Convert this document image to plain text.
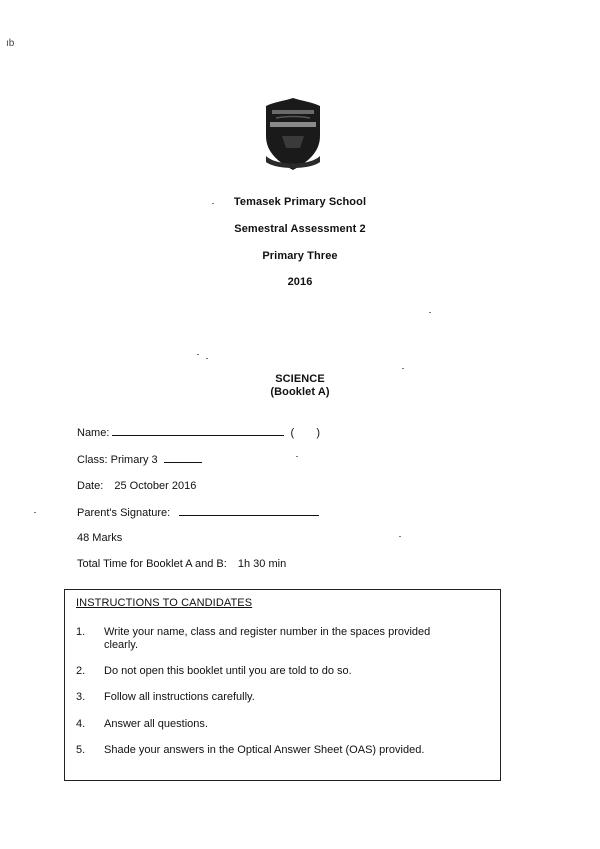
ıb
Temasek Primary School
Semestral Assessment 2
Primary Three
2016
SCIENCE
(Booklet A)
Name:	( )
Class: Primary 3
Date: 25 October 2016
Parent's Signature:
48 Marks
Total Time for Booklet A and B: 1h 30 min
INSTRUCTIONS TO CANDIDATES
1. Write your name, class and register number in the spaces provided clearly.
2. Do not open this booklet until you are told to do so.
3. Follow all instructions carefully.
4. Answer all questions.
5. Shade your answers in the Optical Answer Sheet (OAS) provided.
